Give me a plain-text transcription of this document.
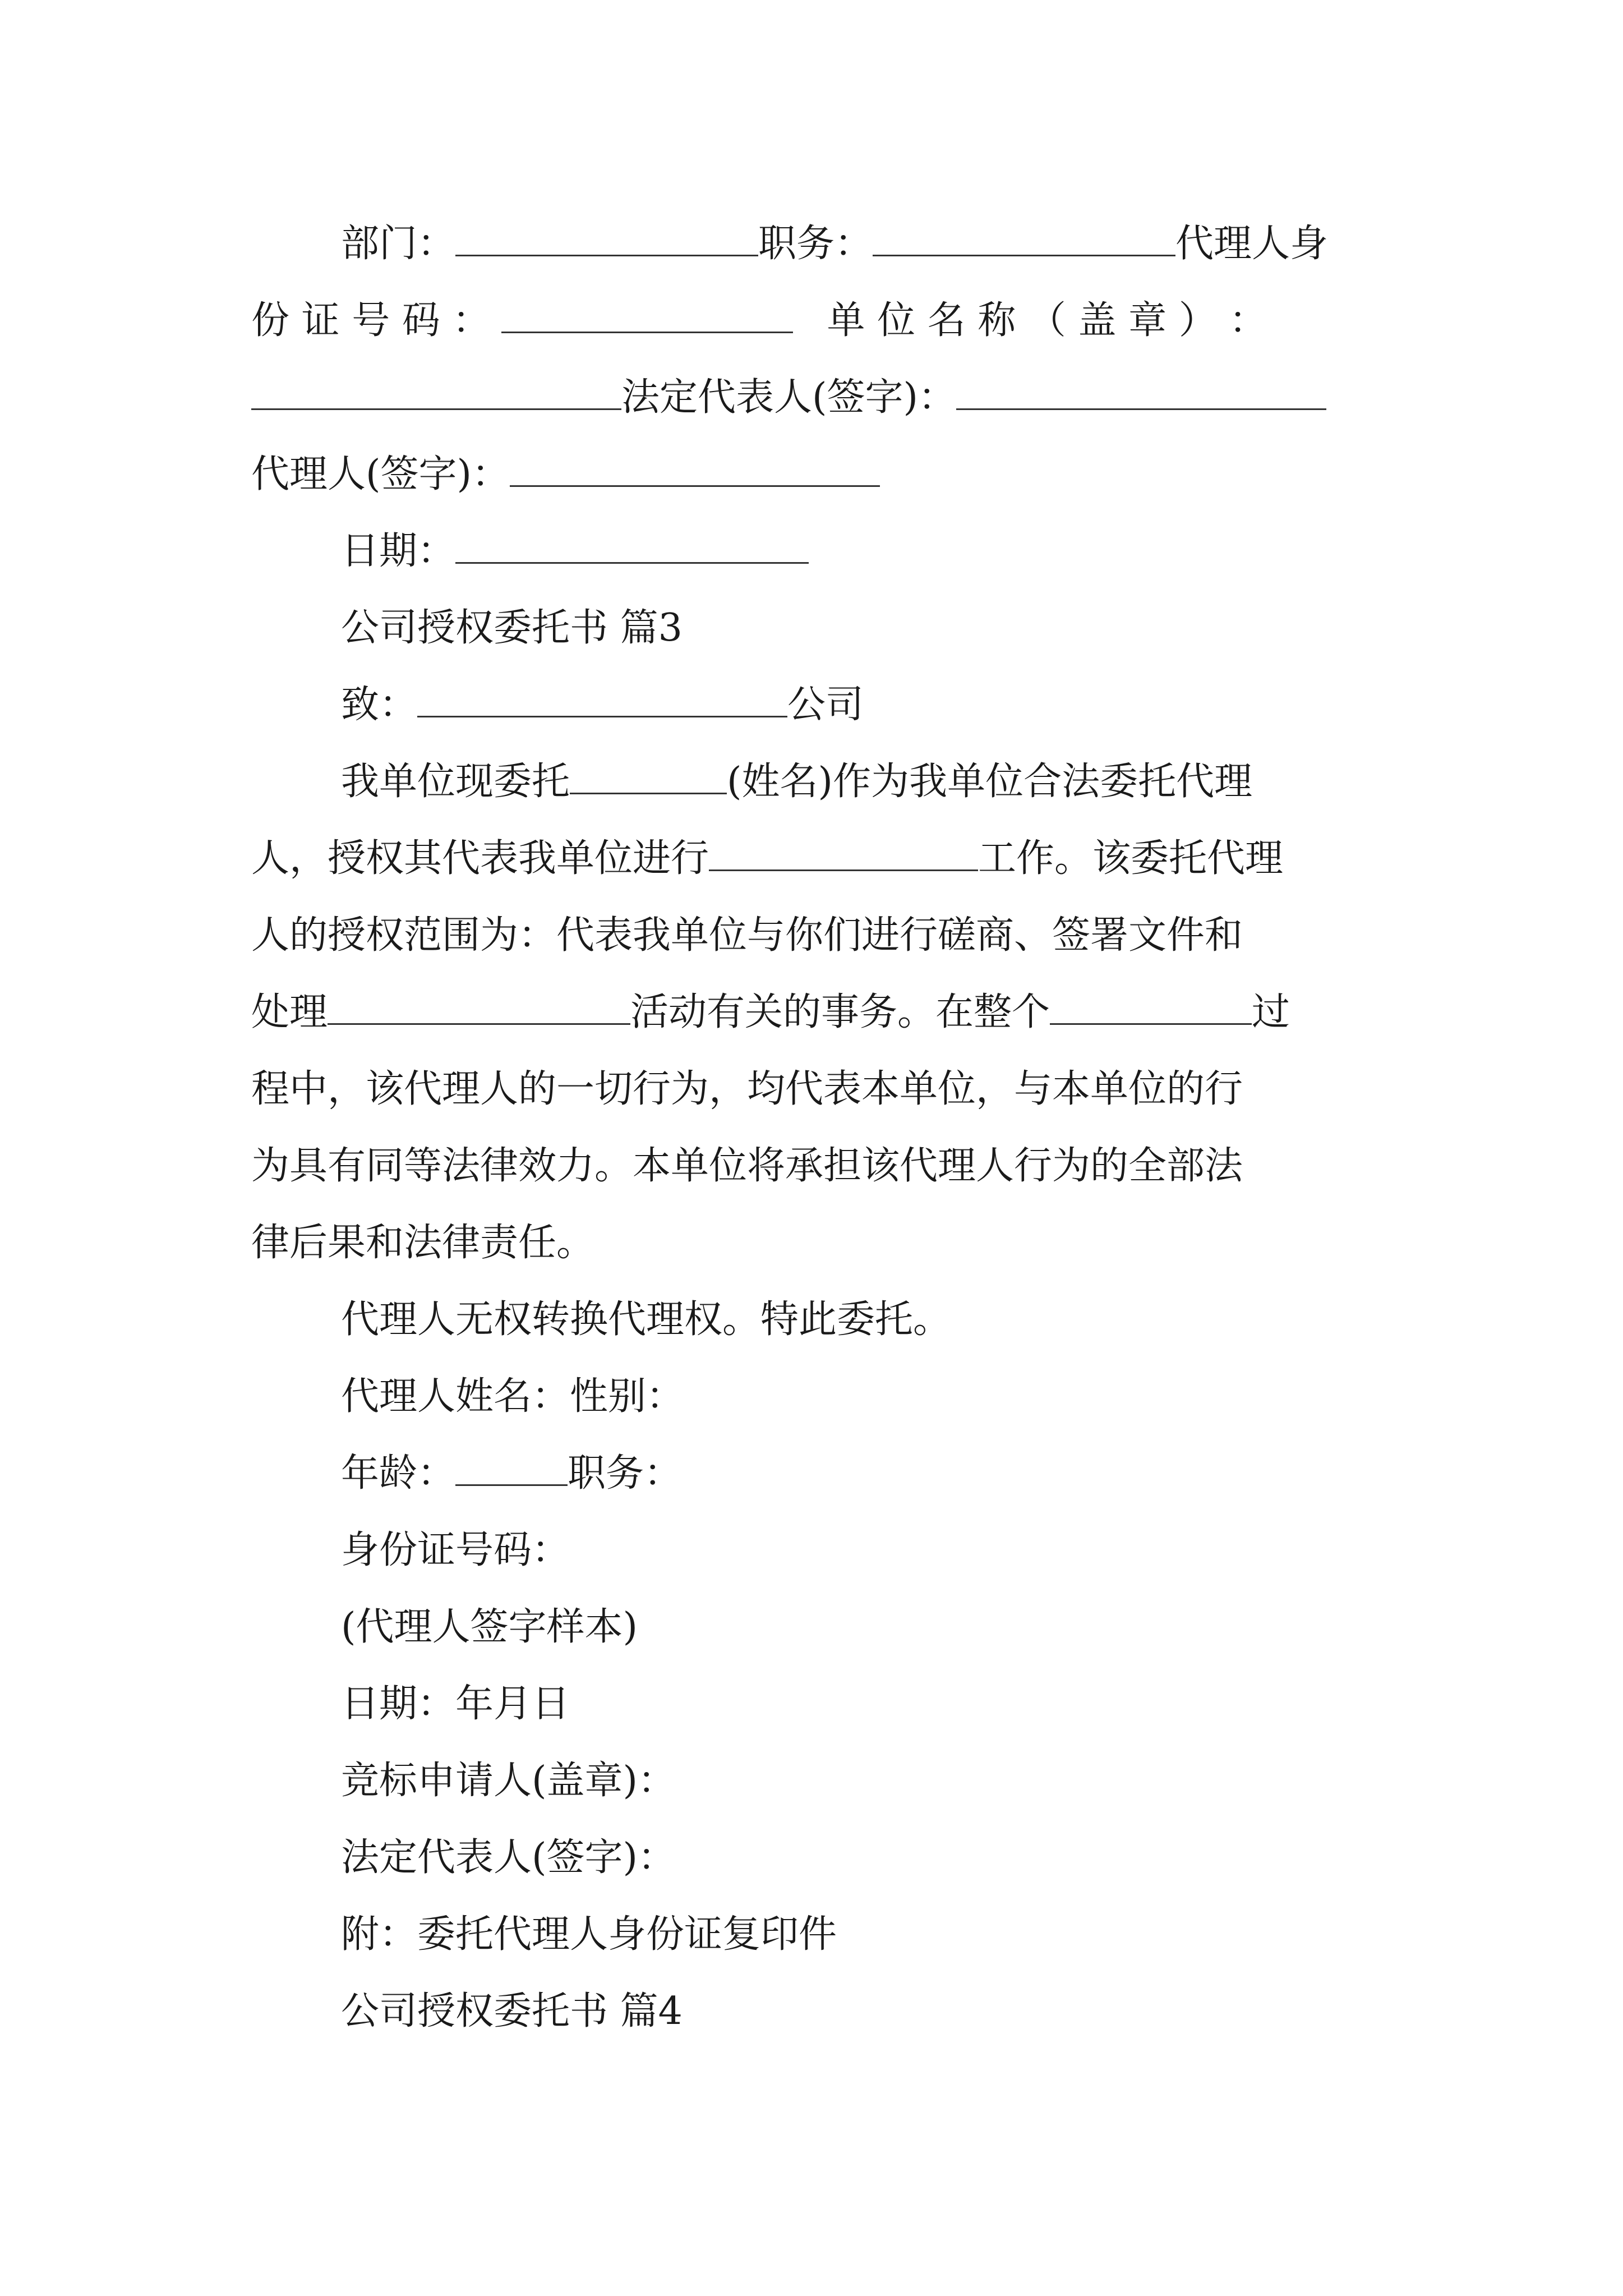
部门：	职务：	代理人身
份 证 号 码 ：	单 位 名 称 （ 盖 章 ） ：
法定代表人(签字)：
代理人(签字)：
日期：
公司授权委托书 篇3
致：	公司
我单位现委托	(姓名)作为我单位合法委托代理
人，授权其代表我单位进行	工作。该委托代理
人的授权范围为：代表我单位与你们进行磋商、签署文件和
处理	活动有关的事务。在整个	过
程中，该代理人的一切行为，均代表本单位，与本单位的行
为具有同等法律效力。本单位将承担该代理人行为的全部法
律后果和法律责任。
代理人无权转换代理权。特此委托。
代理人姓名：性别：
年龄：	职务：
身份证号码：
(代理人签字样本)
日期：年月日
竞标申请人(盖章)：
法定代表人(签字)：
附：委托代理人身份证复印件
公司授权委托书 篇4
